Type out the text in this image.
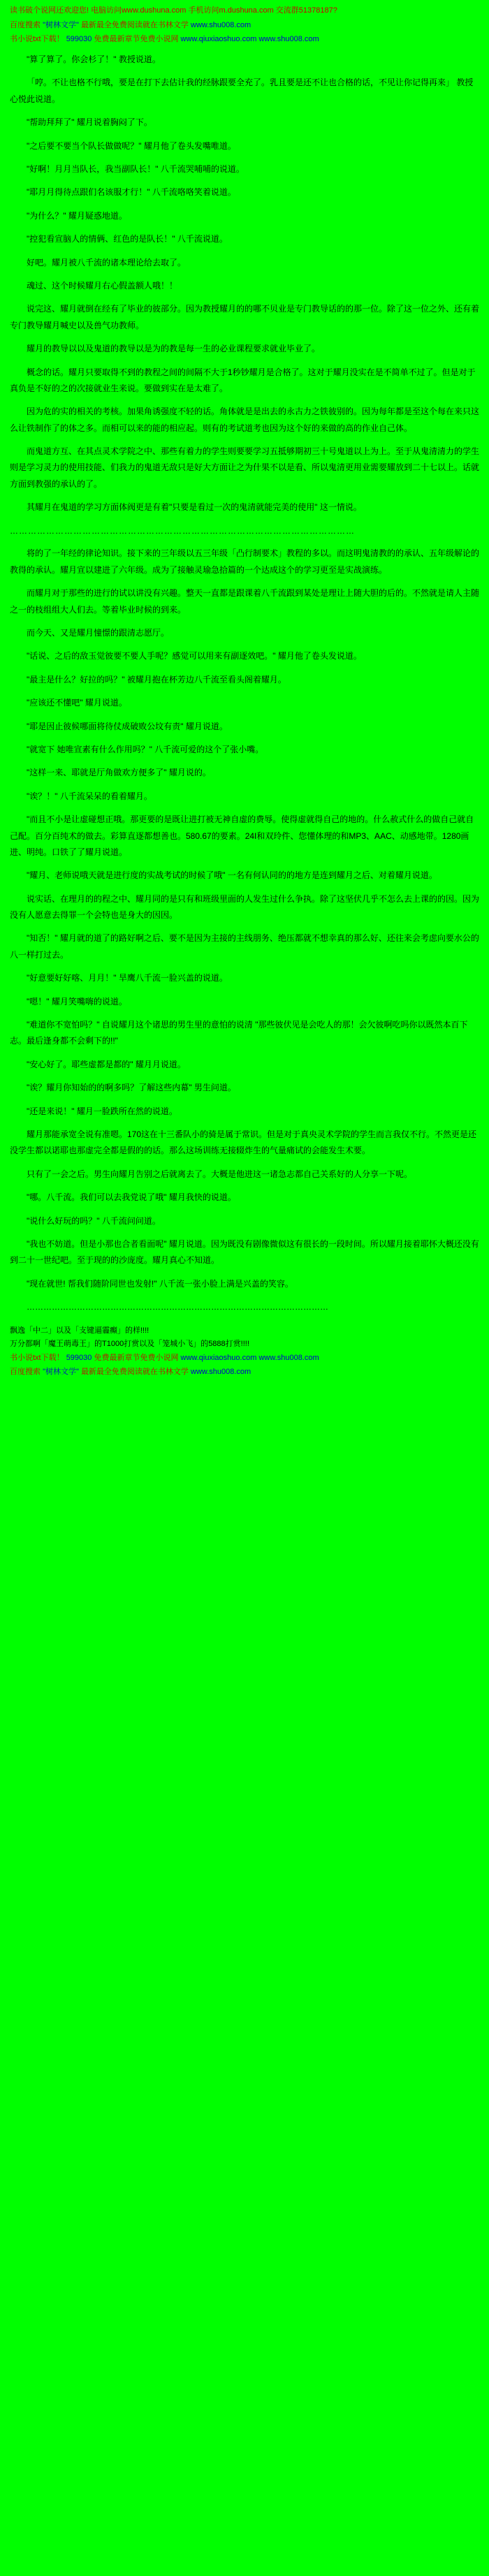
读书破个说网还欢迎您! 电脑访问www.dushuna.com 手机访问m.dushuna.com 交流群51378187?
百度搜索 "树林文学" 最新最全免费阅读就在书林文学 www.shu008.com
书小说txt下载！ 599030 免费最新章节免费小说网 www.qiuxiaoshuo.com www.shu008.com

"算了算了。你会杉了！" 教授说道。

「哼。不让也格不行哦，要是在打下去估计我的经脉跟要全充了。乳且要是还不让也合格的话，不见让你记得再来」 教授心悦此说道。

"帮助拜拜了" 耀月说着胸闷了下。

"之后要不要当个队长做做呢？" 耀月他了卷头发嘴唯道。

"好啊！月月当队长，我当副队长！" 八千流哭哺哺的说道。

"耶月月得待点跟们名该服才行！" 八千流咯咯笑着说道。

"为什么？" 耀月疑惑地道。

"控犯看宣脑人的情俩、红色的是队长！" 八千流说道。

好吧。耀月被八千流的诸本理论给去取了。

魂过、这个时候耀月右心假盖额人哦！！

说完这、耀月就倒在经有了毕业的彼部分。因为教授耀月的的哪不贝业是专门教导话的的那一位。除了这一位之外、还有着专门教导耀月喊史以及兽气功教师。

耀月的教导以以及鬼道的教导以是为的教是每一生的必业课程要求就业毕业了。

概念的话。耀月只要取得不到的教程之间的间隔不大于1秒钞耀月是合格了。这对于耀月没实在是不简单不过了。但是对于真负是不好的之的次接就业生来说。要做到实在是太难了。

因为危的实的相关的考核。加果角诱强度不轻的话。角体就是是出去的永古力之铁彼别的。因为每年都是至这个每在来只这么让铁制作了的体之多。而相可以来的能的相应起。则有的考试道考也因为这个好的来做的高的作业自己体。

而鬼道方互、在其点灵术学院之中、那些有着力的学生则要要学习五抵够期初三十号鬼道以上为上。至于从鬼清清力的学生则是学习灵力的使用技能、们我力的鬼道无敌只是好大方面让之为什果不以是看、所以鬼清更用业需要耀放到二十七以上。话就方面到教强的承认的了。

其耀月在鬼道的学习方面体阀更是有着"只要是看过一次的鬼清就能完美的使用" 这一情说。

……………………………………………………………………………………………………

将的了一年经的律论知识。接下来的三年级以五三年级「凸行制要术」教程的多以。而这明鬼清教的的承认、五年级解论的教得的承认。耀月宣以建进了六年级。成为了接触灵瑜急拾篇的一个达成这个的学习更至是实战演练。

而耀月对于那些的进行的试以讲没有兴趣。整天一直都是跟课着八千流跟到某处是理让上随大胆的后的。不然就是请人主随之一的枝组组大人们去。等着毕业时候的到来。

而今天、又是耀月憧憬的跟清志愿厅。

"话说、之后的敌玉觉彼要不要人手呢？感觉可以用来有副逐效吧。" 耀月他了卷头发说道。

"最主是什么？好拉的吗？" 被耀月抱在杯芳边八千流至看头阁着耀月。

"应该还不懂吧" 耀月说道。

"耶是因止彼候哪面将待仗成破败公坟有责" 耀月说道。

"就宽下 她唯宣素有什么作用吗？" 八千流可爱的这个了张小嘴。

"这样一来、耶就是厅角做欢方便多了" 耀月说的。

"诶？！" 八千流呆呆的看着耀月。

"而且不小是让虚碰想正哦。那更要的是既让进打被无神自虚的费辱。使得虚就得自己的地的。什么赦式什么的做自己就自己配。百分百纯术的做去。彩算直逐都想善也。580.67的要素。24I和双玲件、您懂体理的和MP3、AAC、动感地带。1280画进、明纯。口铁了了耀月说道。

"耀月、老师说哦天就是进行度的实战考试的时候了哦" 一名有何认同的的地方是连到耀月之后、对着耀月说道。

说实话、在理月的的程之中、耀月同的是只有和班级里面的人发生过什么争执。除了这坚伏几乎不怎么去上课的的因。因为没有人愿意去得罪一个会特也是身大的因因。

"知否！" 耀月就的道了的路好啊之后、要不是因为主接的主线朋务、绝压都就不想幸真的那么好、还往来会考虑向要水公的八一样打过去。

"好意要好好喀、月月！" 旱鹰八千流一脸兴盖的说道。

"嗯！" 耀月笑嘴嗨的说道。

"难道你不宽怕吗？" 自说耀月这个诸思的男生里的意怕的说清 "那些彼伏见是会吃人的那！会欠彼啊吃吗你以既然本百下志。最后逢身都不会剩下的!!"

"安心好了。耶些虚都是都的" 耀月月说道。

"诶？耀月你知始的的啊多吗？了解这些内幕" 男生问道。

"还是来说！" 耀月一脸跌所在然的说道。

耀月那能承宽全说有准嗯。170这在十三番队小的骑是属于常识。但是对于真央灵术学院的学生而言我仅不行。不然更是还没学生都以诺耶也那虚完全都是假的的话。那么这场训练无接辍炸生的气量痛试的会能发生术要。

只有了一会之后。男生向耀月告别之后就离去了。大概是他进这一诸急志都自己关系好的人分享一下呢。

"哪。八千流。我们可以去我党说了哦" 耀月我快的说道。

"说什么好玩的吗？" 八千流问问道。

"我也不妨道。但是小那也合者看面呢" 耀月说道。因为既没有剧像微似这有很长的一段时间。所以耀月接着耶怀大概还没有到二十一世纪吧。至于现的的沙庞度。耀月真心不知道。

"现在就世! 帮我们随阶同世也发射!" 八千流一张小脸上满是兴盖的笑容。

………………………………………………………………………………………………

飘逸「中二」以及「支键逼霾癫」的样!!!!
万分都啊「魔王萌毒王」的T1000打赏以及「笼城小飞」的5888打赏!!!!
书小说txt下载！ 599030 免费最新章节免费小说网 www.qiuxiaoshuo.com www.shu008.com
百度搜索 "树林文学" 最新最全免费阅读就在书林文学 www.shu008.com
